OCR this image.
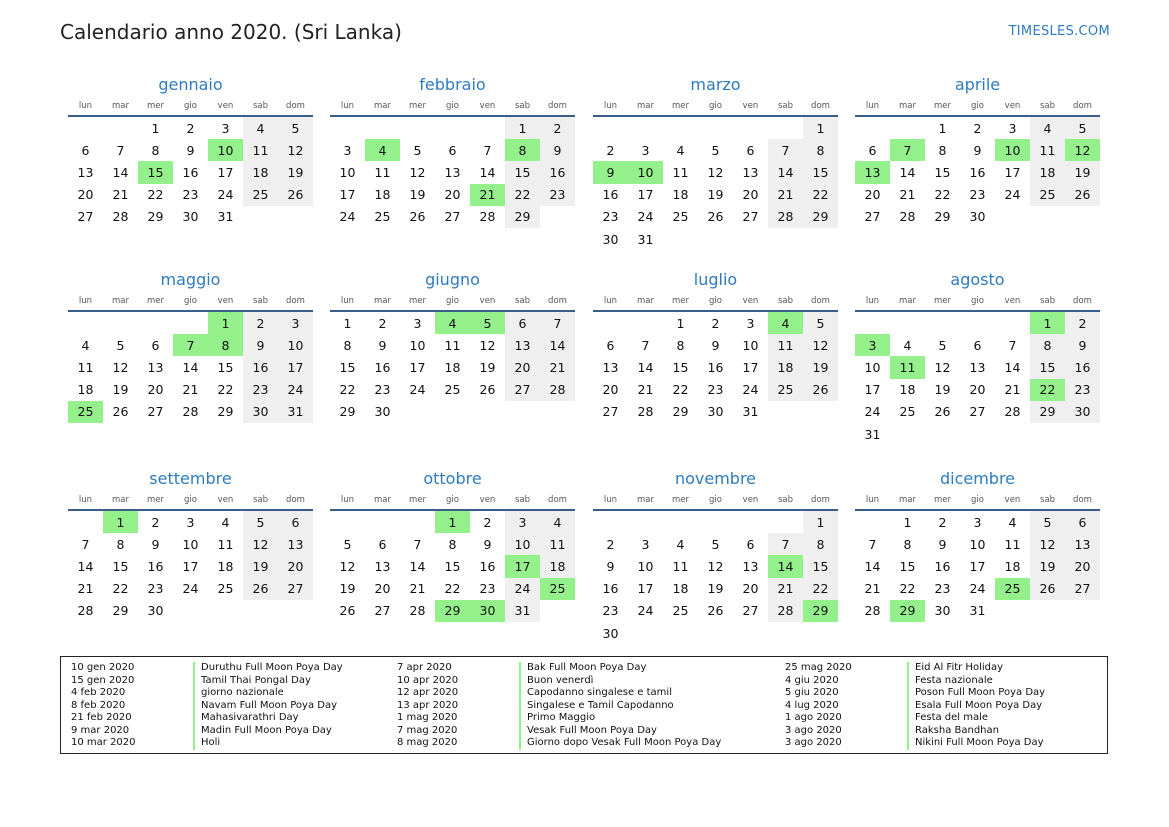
Calendario anno 2020. (Sri Lanka)	TIMESLES.COM
gennaio
lun	mar	mer	gio	ven	sab	dom
		1	2	3	4	5
6	7	8	9	10	11	12
13	14	15	16	17	18	19
20	21	22	23	24	25	26
27	28	29	30	31		
febbraio
lun	mar	mer	gio	ven	sab	dom
					1	2
3	4	5	6	7	8	9
10	11	12	13	14	15	16
17	18	19	20	21	22	23
24	25	26	27	28	29	
marzo
lun	mar	mer	gio	ven	sab	dom
						1
2	3	4	5	6	7	8
9	10	11	12	13	14	15
16	17	18	19	20	21	22
23	24	25	26	27	28	29
30	31					
aprile
lun	mar	mer	gio	ven	sab	dom
		1	2	3	4	5
6	7	8	9	10	11	12
13	14	15	16	17	18	19
20	21	22	23	24	25	26
27	28	29	30			
maggio
lun	mar	mer	gio	ven	sab	dom
				1	2	3
4	5	6	7	8	9	10
11	12	13	14	15	16	17
18	19	20	21	22	23	24
25	26	27	28	29	30	31
giugno
lun	mar	mer	gio	ven	sab	dom
1	2	3	4	5	6	7
8	9	10	11	12	13	14
15	16	17	18	19	20	21
22	23	24	25	26	27	28
29	30					
luglio
lun	mar	mer	gio	ven	sab	dom
		1	2	3	4	5
6	7	8	9	10	11	12
13	14	15	16	17	18	19
20	21	22	23	24	25	26
27	28	29	30	31		
agosto
lun	mar	mer	gio	ven	sab	dom
					1	2
3	4	5	6	7	8	9
10	11	12	13	14	15	16
17	18	19	20	21	22	23
24	25	26	27	28	29	30
31						
settembre
lun	mar	mer	gio	ven	sab	dom
	1	2	3	4	5	6
7	8	9	10	11	12	13
14	15	16	17	18	19	20
21	22	23	24	25	26	27
28	29	30				
ottobre
lun	mar	mer	gio	ven	sab	dom
			1	2	3	4
5	6	7	8	9	10	11
12	13	14	15	16	17	18
19	20	21	22	23	24	25
26	27	28	29	30	31	
novembre
lun	mar	mer	gio	ven	sab	dom
						1
2	3	4	5	6	7	8
9	10	11	12	13	14	15
16	17	18	19	20	21	22
23	24	25	26	27	28	29
30						
dicembre
lun	mar	mer	gio	ven	sab	dom
	1	2	3	4	5	6
7	8	9	10	11	12	13
14	15	16	17	18	19	20
21	22	23	24	25	26	27
28	29	30	31			
10 gen 2020	Duruthu Full Moon Poya Day
15 gen 2020	Tamil Thai Pongal Day
4 feb 2020	giorno nazionale
8 feb 2020	Navam Full Moon Poya Day
21 feb 2020	Mahasivarathri Day
9 mar 2020	Madin Full Moon Poya Day
10 mar 2020	Holi
7 apr 2020	Bak Full Moon Poya Day
10 apr 2020	Buon venerdì
12 apr 2020	Capodanno singalese e tamil
13 apr 2020	Singalese e Tamil Capodanno
1 mag 2020	Primo Maggio
7 mag 2020	Vesak Full Moon Poya Day
8 mag 2020	Giorno dopo Vesak Full Moon Poya Day
25 mag 2020	Eid Al Fitr Holiday
4 giu 2020	Festa nazionale
5 giu 2020	Poson Full Moon Poya Day
4 lug 2020	Esala Full Moon Poya Day
1 ago 2020	Festa del male
3 ago 2020	Raksha Bandhan
3 ago 2020	Nikini Full Moon Poya Day
